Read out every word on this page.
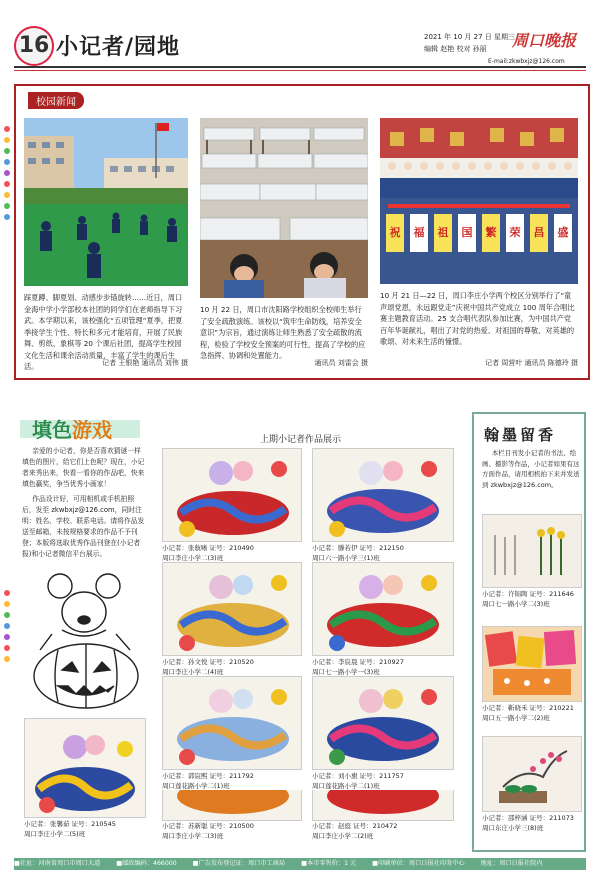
16 小记者/园地	2021 年 10 月 27 日 星期三
编辑 赵艳 校对 孙丽 周口晚报
E-mail:zkwbxjz@126.com
校园新闻
踩夏蹲、脚夏划、动感步步锚旋转……近日，周口金海中学小学部校本社团的同学们在老师指导下习武。本学期以来，该校强化“五项管理”夏季，把夏季接学生个性、特长和多元才能培育，开展了民族舞、剪纸、象棋等 20 个课后社团，提高学生校园文化生活和课余活动质量，丰富了学生的课后生活。	记者 王银艳 通讯员 刘伟 摄
10 月 22 日，周口市沈阳路学校组织全校师生举行了安全疏散演练。该校以“筑牢生命防线，培养安全意识”为宗旨，通过演练让师生熟悉了安全疏散的流程，检验了学校安全预案的可行性，提高了学校的应急指挥、协调和处置能力。
通讯员 刘雷会 摄
祝	福	祖	国	繁	荣	昌	盛
10 月 21 日—22 日，周口李庄小学两个校区分别举行了“童声颂党恩，永远跟党走”庆祝中国共产党成立 100 周年合唱比赛主题教育活动。25 支合唱代表队参加比赛，为中国共产党百年华诞献礼，唱出了对党的热爱、对祖国的尊敬、对英雄的歌颂、对未来生活的憧憬。
记者 周营叶 通讯员 陈德玲 摄
填色游戏

亲爱的小记者，你是否喜欢猜谜一样填色的图片，给它们上色呢？现在，小记者来秀出来，快看一看你的作品吧，快来填色赢奖，争当优秀小画家！

作品设计好，可用相机或手机拍照后，发至 zkwbxjz@126.com，同时注明：姓名、学校、联系电话。请将作品发送至邮箱，未按规格要求的作品不予刊登；本版将选取优秀作品刊登在(小记者报)和小记者微信平台展示。

小记者：张馨茹 证号：210545
周口李庄小学二(5)班
上期小记者作品展示
小记者：张航晰 证号：210490
周口李庄小学二(3)班
小记者：滕若伊 证号：212150
周口六一路小学三(1)班
小记者：孙文悦 证号：210520
周口李庄小学二(4)班
小记者：李宸晨 证号：210927
周口七一路小学一(3)班
小记者：郭宸熙 证号：211792
周口莲花路小学二(1)班
小记者：刘小旗 证号：211757
周口莲花路小学二(1)班
小记者：苏新聪 证号：210500
周口李庄小学二(3)班
小记者：赵庭 证号：210472
周口李庄小学二(2)班
翰墨留香

本栏目刊发小记者的书法、绘画、摄影等作品，小记者如果有这方面作品，请用相机拍下来并发送到 zkwbxjz@126.com。

小记者：许锦陶 证号：211646
周口七一路小学二(3)班
小记者：靳晓禾 证号：210221
周口五一路小学二(2)班
小记者：邵梓涵 证号：211073
周口东庄小学三(8)班
■社址：河南省周口市周口大道	■邮政编码：466000	■广告发布登记证：周口市工商局	■本市零售价：1 元	■印刷单位：周口日报社印务中心	地址：周口日报社院内
